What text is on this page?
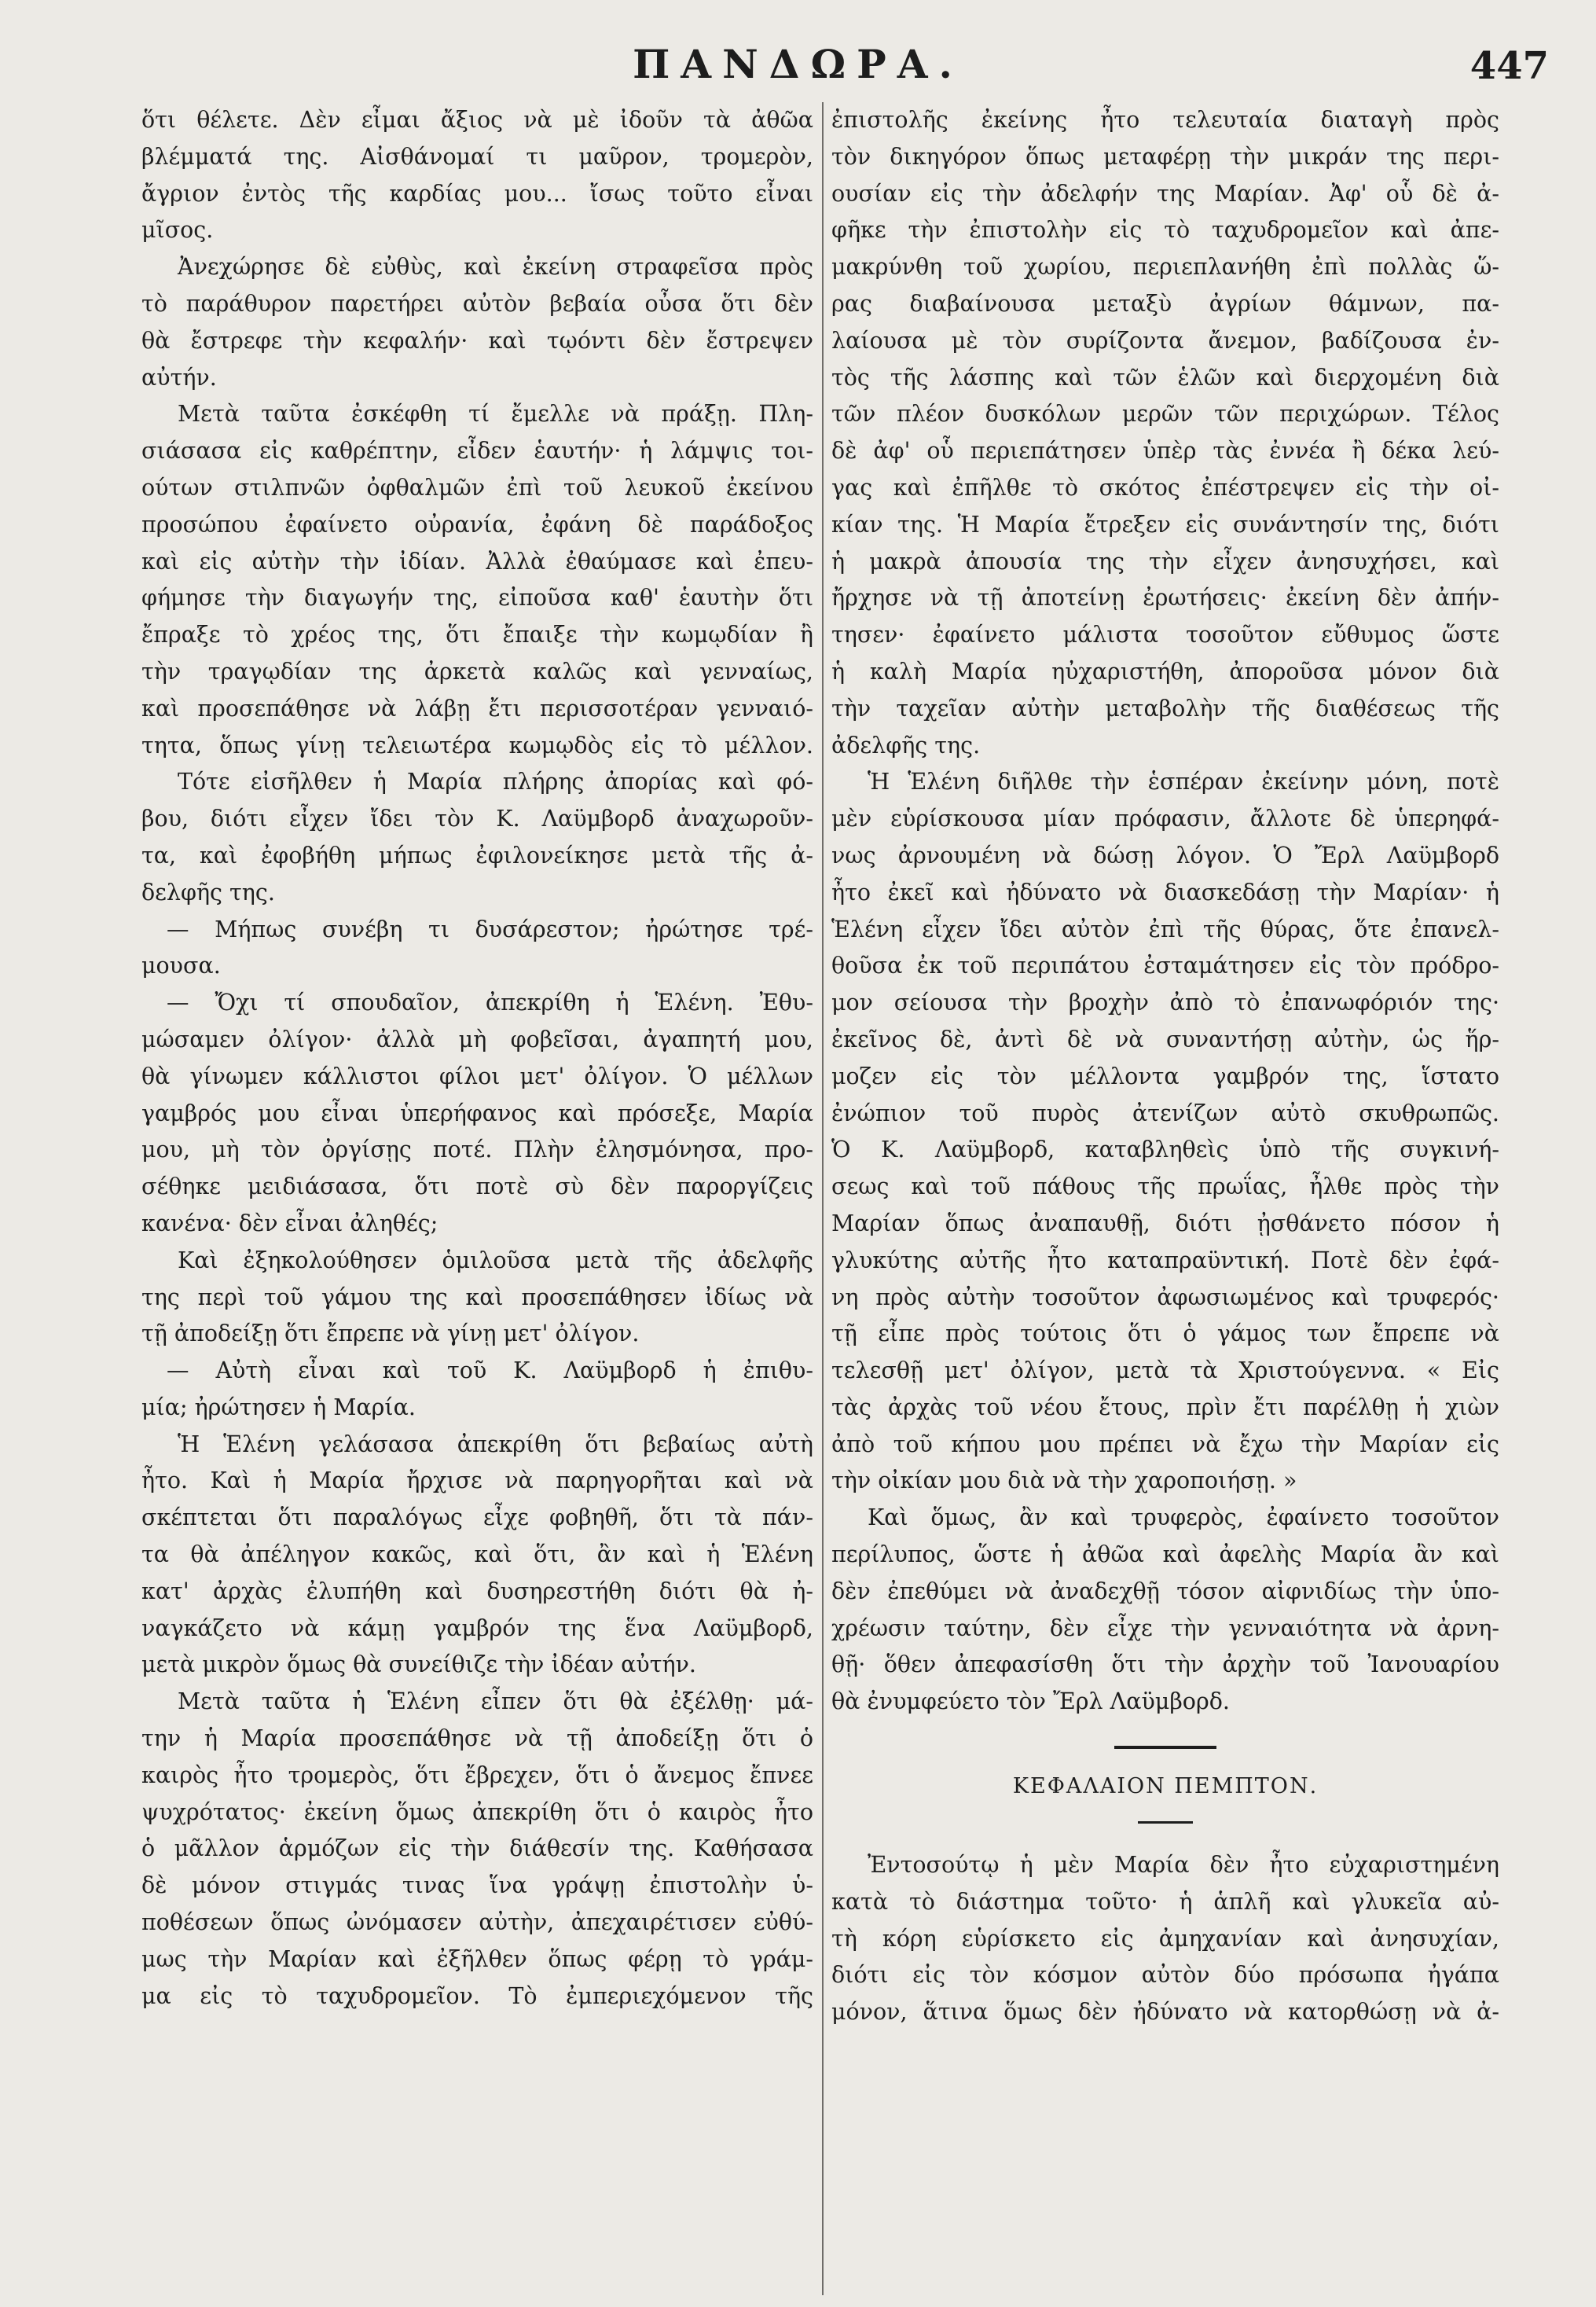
ΠΑΝΔΩΡΑ.	447
ὅτι θέλετε. Δὲν εἶμαι ἄξιος νὰ μὲ ἰδοῦν τὰ ἀθῶα
βλέμματά της. Αἰσθάνομαί τι μαῦρον, τρομερὸν,
ἄγριον ἐντὸς τῆς καρδίας μου... ἴσως τοῦτο εἶναι
μῖσος.
Ἀνεχώρησε δὲ εὐθὺς, καὶ ἐκείνη στραφεῖσα πρὸς
τὸ παράθυρον παρετήρει αὐτὸν βεβαία οὖσα ὅτι δὲν
θὰ ἔστρεφε τὴν κεφαλήν· καὶ τῳόντι δὲν ἔστρεψεν
αὐτήν.
Μετὰ ταῦτα ἐσκέφθη τί ἔμελλε νὰ πράξῃ. Πλη-
σιάσασα εἰς καθρέπτην, εἶδεν ἑαυτήν· ἡ λάμψις τοι-
ούτων στιλπνῶν ὀφθαλμῶν ἐπὶ τοῦ λευκοῦ ἐκείνου
προσώπου ἐφαίνετο οὐρανία, ἐφάνη δὲ παράδοξος
καὶ εἰς αὐτὴν τὴν ἰδίαν. Ἀλλὰ ἐθαύμασε καὶ ἐπευ-
φήμησε τὴν διαγωγήν της, εἰποῦσα καθ' ἑαυτὴν ὅτι
ἔπραξε τὸ χρέος της, ὅτι ἔπαιξε τὴν κωμῳδίαν ἢ
τὴν τραγῳδίαν της ἀρκετὰ καλῶς καὶ γενναίως,
καὶ προσεπάθησε νὰ λάβῃ ἔτι περισσοτέραν γενναιό-
τητα, ὅπως γίνῃ τελειωτέρα κωμῳδὸς εἰς τὸ μέλλον.
Τότε εἰσῆλθεν ἡ Μαρία πλήρης ἀπορίας καὶ φό-
βου, διότι εἶχεν ἴδει τὸν Κ. Λαϋμβορδ ἀναχωροῦν-
τα, καὶ ἐφοβήθη μήπως ἐφιλονείκησε μετὰ τῆς ἀ-
δελφῆς της.
— Μήπως συνέβη τι δυσάρεστον; ἠρώτησε τρέ-
μουσα.
— Ὄχι τί σπουδαῖον, ἀπεκρίθη ἡ Ἑλένη. Ἐθυ-
μώσαμεν ὀλίγον· ἀλλὰ μὴ φοβεῖσαι, ἀγαπητή μου,
θὰ γίνωμεν κάλλιστοι φίλοι μετ' ὀλίγον. Ὁ μέλλων
γαμβρός μου εἶναι ὑπερήφανος καὶ πρόσεξε, Μαρία
μου, μὴ τὸν ὀργίσῃς ποτέ. Πλὴν ἐλησμόνησα, προ-
σέθηκε μειδιάσασα, ὅτι ποτὲ σὺ δὲν παροργίζεις
κανένα· δὲν εἶναι ἀληθές;
Καὶ ἐξηκολούθησεν ὁμιλοῦσα μετὰ τῆς ἀδελφῆς
της περὶ τοῦ γάμου της καὶ προσεπάθησεν ἰδίως νὰ
τῇ ἀποδείξῃ ὅτι ἔπρεπε νὰ γίνῃ μετ' ὀλίγον.
— Αὐτὴ εἶναι καὶ τοῦ Κ. Λαϋμβορδ ἡ ἐπιθυ-
μία; ἠρώτησεν ἡ Μαρία.
Ἡ Ἑλένη γελάσασα ἀπεκρίθη ὅτι βεβαίως αὐτὴ
ἦτο. Καὶ ἡ Μαρία ἤρχισε νὰ παρηγορῆται καὶ νὰ
σκέπτεται ὅτι παραλόγως εἶχε φοβηθῆ, ὅτι τὰ πάν-
τα θὰ ἀπέληγον κακῶς, καὶ ὅτι, ἂν καὶ ἡ Ἑλένη
κατ' ἀρχὰς ἐλυπήθη καὶ δυσηρεστήθη διότι θὰ ἠ-
ναγκάζετο νὰ κάμῃ γαμβρόν της ἕνα Λαϋμβορδ,
μετὰ μικρὸν ὅμως θὰ συνείθιζε τὴν ἰδέαν αὐτήν.
Μετὰ ταῦτα ἡ Ἑλένη εἶπεν ὅτι θὰ ἐξέλθῃ· μά-
την ἡ Μαρία προσεπάθησε νὰ τῇ ἀποδείξῃ ὅτι ὁ
καιρὸς ἦτο τρομερὸς, ὅτι ἔβρεχεν, ὅτι ὁ ἄνεμος ἔπνεε
ψυχρότατος· ἐκείνη ὅμως ἀπεκρίθη ὅτι ὁ καιρὸς ἦτο
ὁ μᾶλλον ἁρμόζων εἰς τὴν διάθεσίν της. Καθήσασα
δὲ μόνον στιγμάς τινας ἵνα γράψῃ ἐπιστολὴν ὑ-
ποθέσεων ὅπως ὠνόμασεν αὐτὴν, ἀπεχαιρέτισεν εὐθύ-
μως τὴν Μαρίαν καὶ ἐξῆλθεν ὅπως φέρῃ τὸ γράμ-
μα εἰς τὸ ταχυδρομεῖον. Τὸ ἐμπεριεχόμενον τῆς
ἐπιστολῆς ἐκείνης ἦτο τελευταία διαταγὴ πρὸς
τὸν δικηγόρον ὅπως μεταφέρῃ τὴν μικράν της περι-
ουσίαν εἰς τὴν ἀδελφήν της Μαρίαν. Ἀφ' οὗ δὲ ἀ-
φῆκε τὴν ἐπιστολὴν εἰς τὸ ταχυδρομεῖον καὶ ἀπε-
μακρύνθη τοῦ χωρίου, περιεπλανήθη ἐπὶ πολλὰς ὥ-
ρας διαβαίνουσα μεταξὺ ἀγρίων θάμνων, πα-
λαίουσα μὲ τὸν συρίζοντα ἄνεμον, βαδίζουσα ἐν-
τὸς τῆς λάσπης καὶ τῶν ἑλῶν καὶ διερχομένη διὰ
τῶν πλέον δυσκόλων μερῶν τῶν περιχώρων. Τέλος
δὲ ἀφ' οὗ περιεπάτησεν ὑπὲρ τὰς ἐννέα ἢ δέκα λεύ-
γας καὶ ἐπῆλθε τὸ σκότος ἐπέστρεψεν εἰς τὴν οἰ-
κίαν της. Ἡ Μαρία ἔτρεξεν εἰς συνάντησίν της, διότι
ἡ μακρὰ ἀπουσία της τὴν εἶχεν ἀνησυχήσει, καὶ
ἤρχησε νὰ τῇ ἀποτείνῃ ἐρωτήσεις· ἐκείνη δὲν ἀπήν-
τησεν· ἐφαίνετο μάλιστα τοσοῦτον εὔθυμος ὥστε
ἡ καλὴ Μαρία ηὐχαριστήθη, ἀποροῦσα μόνον διὰ
τὴν ταχεῖαν αὐτὴν μεταβολὴν τῆς διαθέσεως τῆς
ἀδελφῆς της.
Ἡ Ἑλένη διῆλθε τὴν ἑσπέραν ἐκείνην μόνη, ποτὲ
μὲν εὑρίσκουσα μίαν πρόφασιν, ἄλλοτε δὲ ὑπερηφά-
νως ἀρνουμένη νὰ δώσῃ λόγον. Ὁ Ἔρλ Λαϋμβορδ
ἦτο ἐκεῖ καὶ ἠδύνατο νὰ διασκεδάσῃ τὴν Μαρίαν· ἡ
Ἑλένη εἶχεν ἴδει αὐτὸν ἐπὶ τῆς θύρας, ὅτε ἐπανελ-
θοῦσα ἐκ τοῦ περιπάτου ἐσταμάτησεν εἰς τὸν πρόδρο-
μον σείουσα τὴν βροχὴν ἀπὸ τὸ ἐπανωφόριόν της·
ἐκεῖνος δὲ, ἀντὶ δὲ νὰ συναντήσῃ αὐτὴν, ὡς ἥρ-
μοζεν εἰς τὸν μέλλοντα γαμβρόν της, ἵστατο
ἐνώπιον τοῦ πυρὸς ἀτενίζων αὐτὸ σκυθρωπῶς.
Ὁ Κ. Λαϋμβορδ, καταβληθεὶς ὑπὸ τῆς συγκινή-
σεως καὶ τοῦ πάθους τῆς πρωΐας, ἦλθε πρὸς τὴν
Μαρίαν ὅπως ἀναπαυθῇ, διότι ᾐσθάνετο πόσον ἡ
γλυκύτης αὐτῆς ἦτο καταπραϋντική. Ποτὲ δὲν ἐφά-
νη πρὸς αὐτὴν τοσοῦτον ἀφωσιωμένος καὶ τρυφερός·
τῇ εἶπε πρὸς τούτοις ὅτι ὁ γάμος των ἔπρεπε νὰ
τελεσθῇ μετ' ὀλίγον, μετὰ τὰ Χριστούγεννα. « Εἰς
τὰς ἀρχὰς τοῦ νέου ἔτους, πρὶν ἔτι παρέλθῃ ἡ χιὼν
ἀπὸ τοῦ κήπου μου πρέπει νὰ ἔχω τὴν Μαρίαν εἰς
τὴν οἰκίαν μου διὰ νὰ τὴν χαροποιήσῃ. »
Καὶ ὅμως, ἂν καὶ τρυφερὸς, ἐφαίνετο τοσοῦτον
περίλυπος, ὥστε ἡ ἀθῶα καὶ ἀφελὴς Μαρία ἂν καὶ
δὲν ἐπεθύμει νὰ ἀναδεχθῇ τόσον αἰφνιδίως τὴν ὑπο-
χρέωσιν ταύτην, δὲν εἶχε τὴν γενναιότητα νὰ ἀρνη-
θῇ· ὅθεν ἀπεφασίσθη ὅτι τὴν ἀρχὴν τοῦ Ἰανουαρίου
θὰ ἐνυμφεύετο τὸν Ἔρλ Λαϋμβορδ.
ΚΕΦΑΛΑΙΟΝ ΠΕΜΠΤΟΝ.
Ἐντοσούτῳ ἡ μὲν Μαρία δὲν ἦτο εὐχαριστημένη
κατὰ τὸ διάστημα τοῦτο· ἡ ἁπλῆ καὶ γλυκεῖα αὐ-
τὴ κόρη εὑρίσκετο εἰς ἀμηχανίαν καὶ ἀνησυχίαν,
διότι εἰς τὸν κόσμον αὐτὸν δύο πρόσωπα ἠγάπα
μόνον, ἅτινα ὅμως δὲν ἠδύνατο νὰ κατορθώσῃ νὰ ἀ-
